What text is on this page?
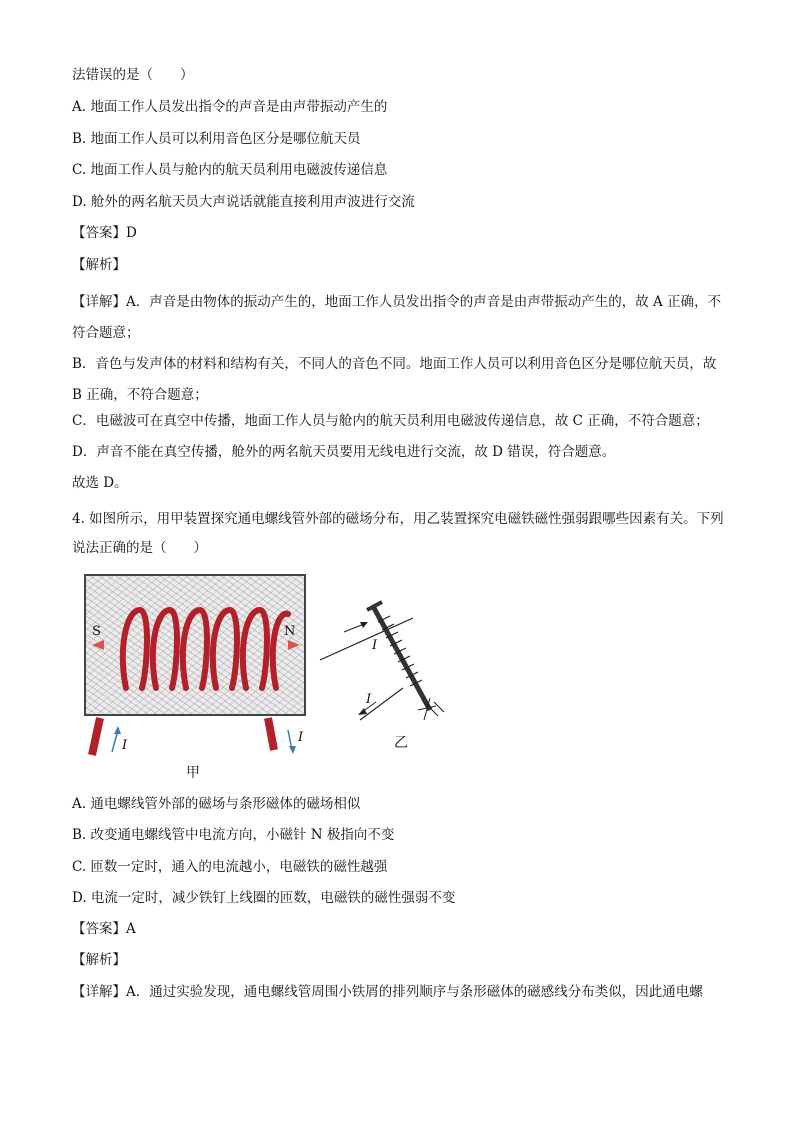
法错误的是（　　）
A. 地面工作人员发出指令的声音是由声带振动产生的
B. 地面工作人员可以利用音色区分是哪位航天员
C. 地面工作人员与舱内的航天员利用电磁波传递信息
D. 舱外的两名航天员大声说话就能直接利用声波进行交流
【答案】D
【解析】
【详解】A．声音是由物体的振动产生的，地面工作人员发出指令的声音是由声带振动产生的，故 A 正确，不符合题意；
B．音色与发声体的材料和结构有关，不同人的音色不同。地面工作人员可以利用音色区分是哪位航天员，故 B 正确，不符合题意；
C．电磁波可在真空中传播，地面工作人员与舱内的航天员利用电磁波传递信息，故 C 正确，不符合题意；
D．声音不能在真空传播，舱外的两名航天员要用无线电进行交流，故 D 错误，符合题意。
故选 D。
4. 如图所示，用甲装置探究通电螺线管外部的磁场分布，用乙装置探究电磁铁磁性强弱跟哪些因素有关。下列说法正确的是（　　）
S	N
I
I
I
I
甲
乙
A. 通电螺线管外部的磁场与条形磁体的磁场相似
B. 改变通电螺线管中电流方向，小磁针 N 极指向不变
C. 匝数一定时，通入的电流越小，电磁铁的磁性越强
D. 电流一定时，减少铁钉上线圈的匝数，电磁铁的磁性强弱不变
【答案】A
【解析】
【详解】A．通过实验发现，通电螺线管周围小铁屑的排列顺序与条形磁体的磁感线分布类似，因此通电螺
